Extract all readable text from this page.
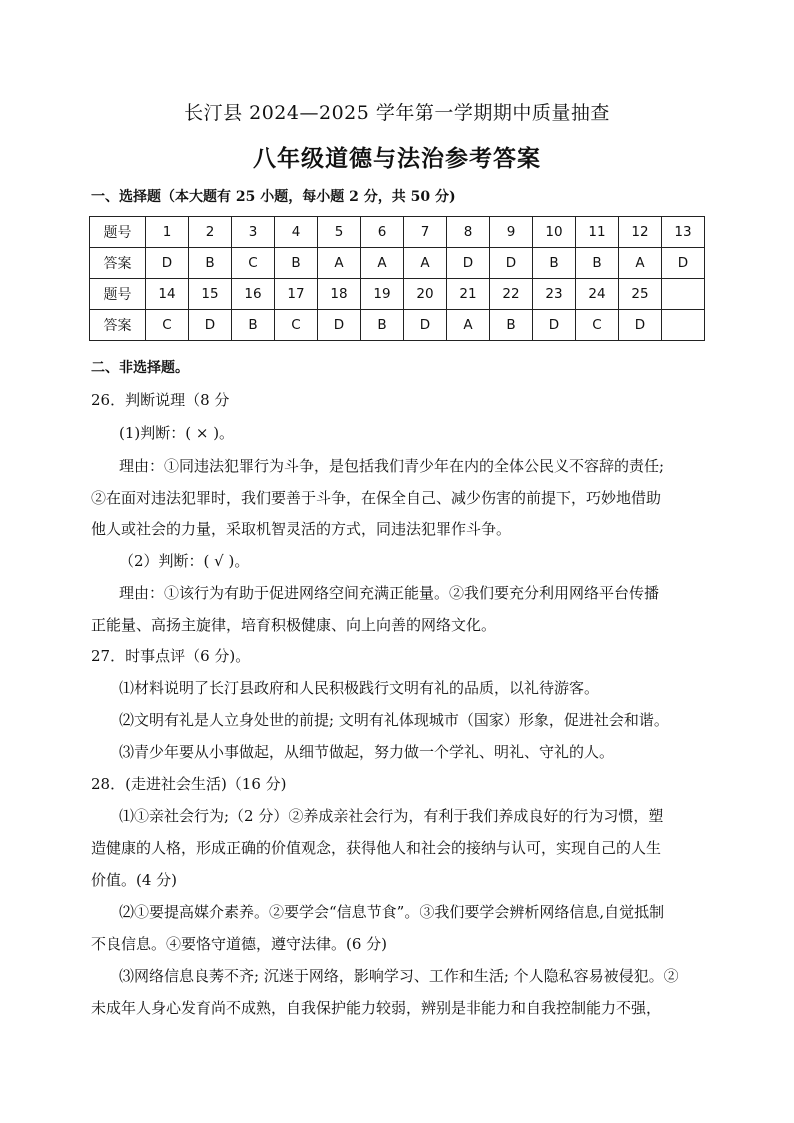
长汀县 2024—2025 学年第一学期期中质量抽查
八年级道德与法治参考答案
一、选择题（本大题有 25 小题，每小题 2 分，共 50 分)
题号	1	2	3	4	5	6	7	8	9	10	11	12	13
答案	D	B	C	B	A	A	A	D	D	B	B	A	D
题号	14	15	16	17	18	19	20	21	22	23	24	25	
答案	C	D	B	C	D	B	D	A	B	D	C	D	
二、非选择题。
26．判断说理（8 分
(1)判断：( × )。
理由：①同违法犯罪行为斗争，是包括我们青少年在内的全体公民义不容辞的责任;
②在面对违法犯罪时，我们要善于斗争，在保全自己、减少伤害的前提下，巧妙地借助
他人或社会的力量，采取机智灵活的方式，同违法犯罪作斗争。
（2）判断：( √ )。
理由：①该行为有助于促进网络空间充满正能量。②我们要充分利用网络平台传播
正能量、高扬主旋律，培育积极健康、向上向善的网络文化。
27．时事点评（6 分)。
⑴材料说明了长汀县政府和人民积极践行文明有礼的品质，以礼待游客。
⑵文明有礼是人立身处世的前提; 文明有礼体现城市（国家）形象，促进社会和谐。
⑶青少年要从小事做起，从细节做起，努力做一个学礼、明礼、守礼的人。
28．(走进社会生活)（16 分)
⑴①亲社会行为;（2 分）②养成亲社会行为，有利于我们养成良好的行为习惯，塑
造健康的人格，形成正确的价值观念，获得他人和社会的接纳与认可，实现自己的人生
价值。(4 分)
⑵①要提高媒介素养。②要学会“信息节食”。③我们要学会辨析网络信息,自觉抵制
不良信息。④要恪守道德，遵守法律。(6 分)
⑶网络信息良莠不齐; 沉迷于网络，影响学习、工作和生活; 个人隐私容易被侵犯。②
未成年人身心发育尚不成熟，自我保护能力较弱，辨别是非能力和自我控制能力不强，
